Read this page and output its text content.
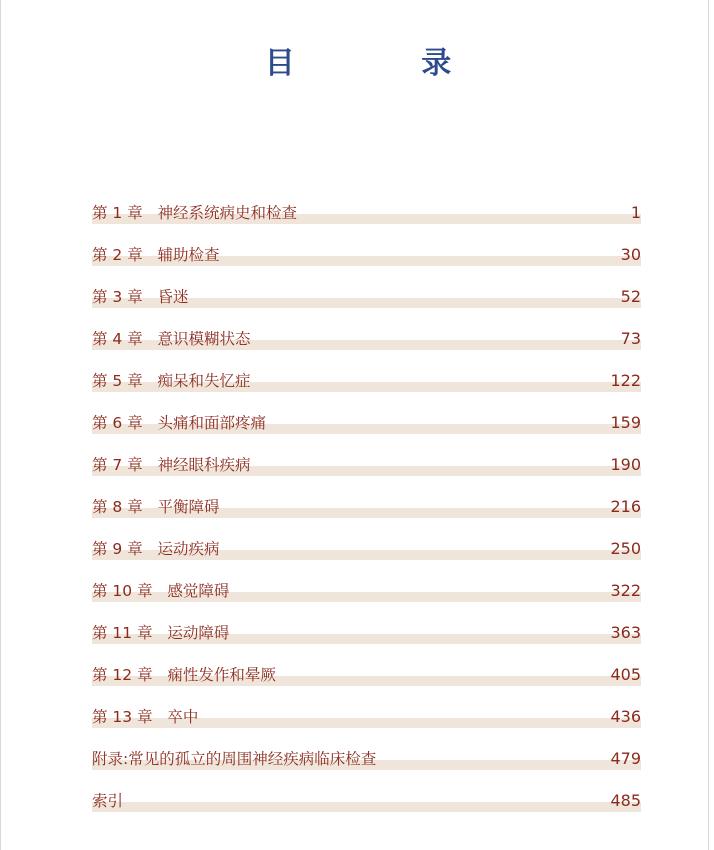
目 录
第 1 章   神经系统病史和检查	1
第 2 章   辅助检查	30
第 3 章   昏迷	52
第 4 章   意识模糊状态	73
第 5 章   痴呆和失忆症	122
第 6 章   头痛和面部疼痛	159
第 7 章   神经眼科疾病	190
第 8 章   平衡障碍	216
第 9 章   运动疾病	250
第 10 章   感觉障碍	322
第 11 章   运动障碍	363
第 12 章   痫性发作和晕厥	405
第 13 章   卒中	436
附录:常见的孤立的周围神经疾病临床检查	479
索引	485
